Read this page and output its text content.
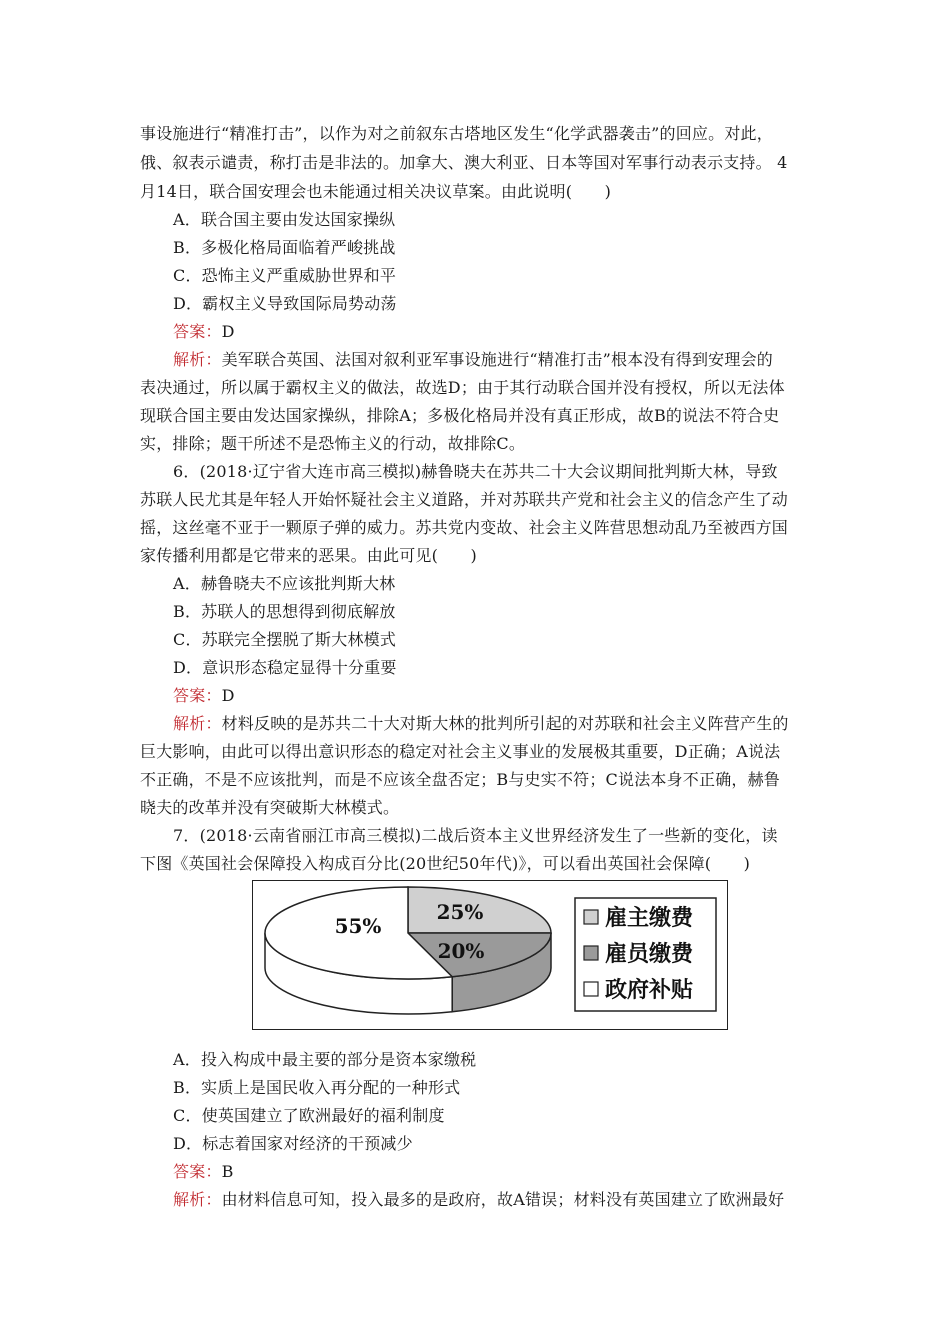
事设施进行“精准打击”，以作为对之前叙东古塔地区发生“化学武器袭击”的回应。对此，
俄、叙表示谴责，称打击是非法的。加拿大、澳大利亚、日本等国对军事行动表示支持。 4
月14日，联合国安理会也未能通过相关决议草案。由此说明(　　)
A．联合国主要由发达国家操纵
B．多极化格局面临着严峻挑战
C．恐怖主义严重威胁世界和平
D．霸权主义导致国际局势动荡
答案：D
解析：美军联合英国、法国对叙利亚军事设施进行“精准打击”根本没有得到安理会的
表决通过，所以属于霸权主义的做法，故选D；由于其行动联合国并没有授权，所以无法体
现联合国主要由发达国家操纵，排除A；多极化格局并没有真正形成，故B的说法不符合史
实，排除；题干所述不是恐怖主义的行动，故排除C。
6．(2018·辽宁省大连市高三模拟)赫鲁晓夫在苏共二十大会议期间批判斯大林，导致
苏联人民尤其是年轻人开始怀疑社会主义道路，并对苏联共产党和社会主义的信念产生了动
摇，这丝毫不亚于一颗原子弹的威力。苏共党内变故、社会主义阵营思想动乱乃至被西方国
家传播利用都是它带来的恶果。由此可见(　　)
A．赫鲁晓夫不应该批判斯大林
B．苏联人的思想得到彻底解放
C．苏联完全摆脱了斯大林模式
D．意识形态稳定显得十分重要
答案：D
解析：材料反映的是苏共二十大对斯大林的批判所引起的对苏联和社会主义阵营产生的
巨大影响，由此可以得出意识形态的稳定对社会主义事业的发展极其重要，D正确；A说法
不正确，不是不应该批判，而是不应该全盘否定；B与史实不符；C说法本身不正确，赫鲁
晓夫的改革并没有突破斯大林模式。
7．(2018·云南省丽江市高三模拟)二战后资本主义世界经济发生了一些新的变化，读
下图《英国社会保障投入构成百分比(20世纪50年代)》，可以看出英国社会保障(　　)
25%
20%
55%	雇主缴费
雇员缴费
政府补贴
A．投入构成中最主要的部分是资本家缴税
B．实质上是国民收入再分配的一种形式
C．使英国建立了欧洲最好的福利制度
D．标志着国家对经济的干预减少
答案：B
解析：由材料信息可知，投入最多的是政府，故A错误；材料没有英国建立了欧洲最好
